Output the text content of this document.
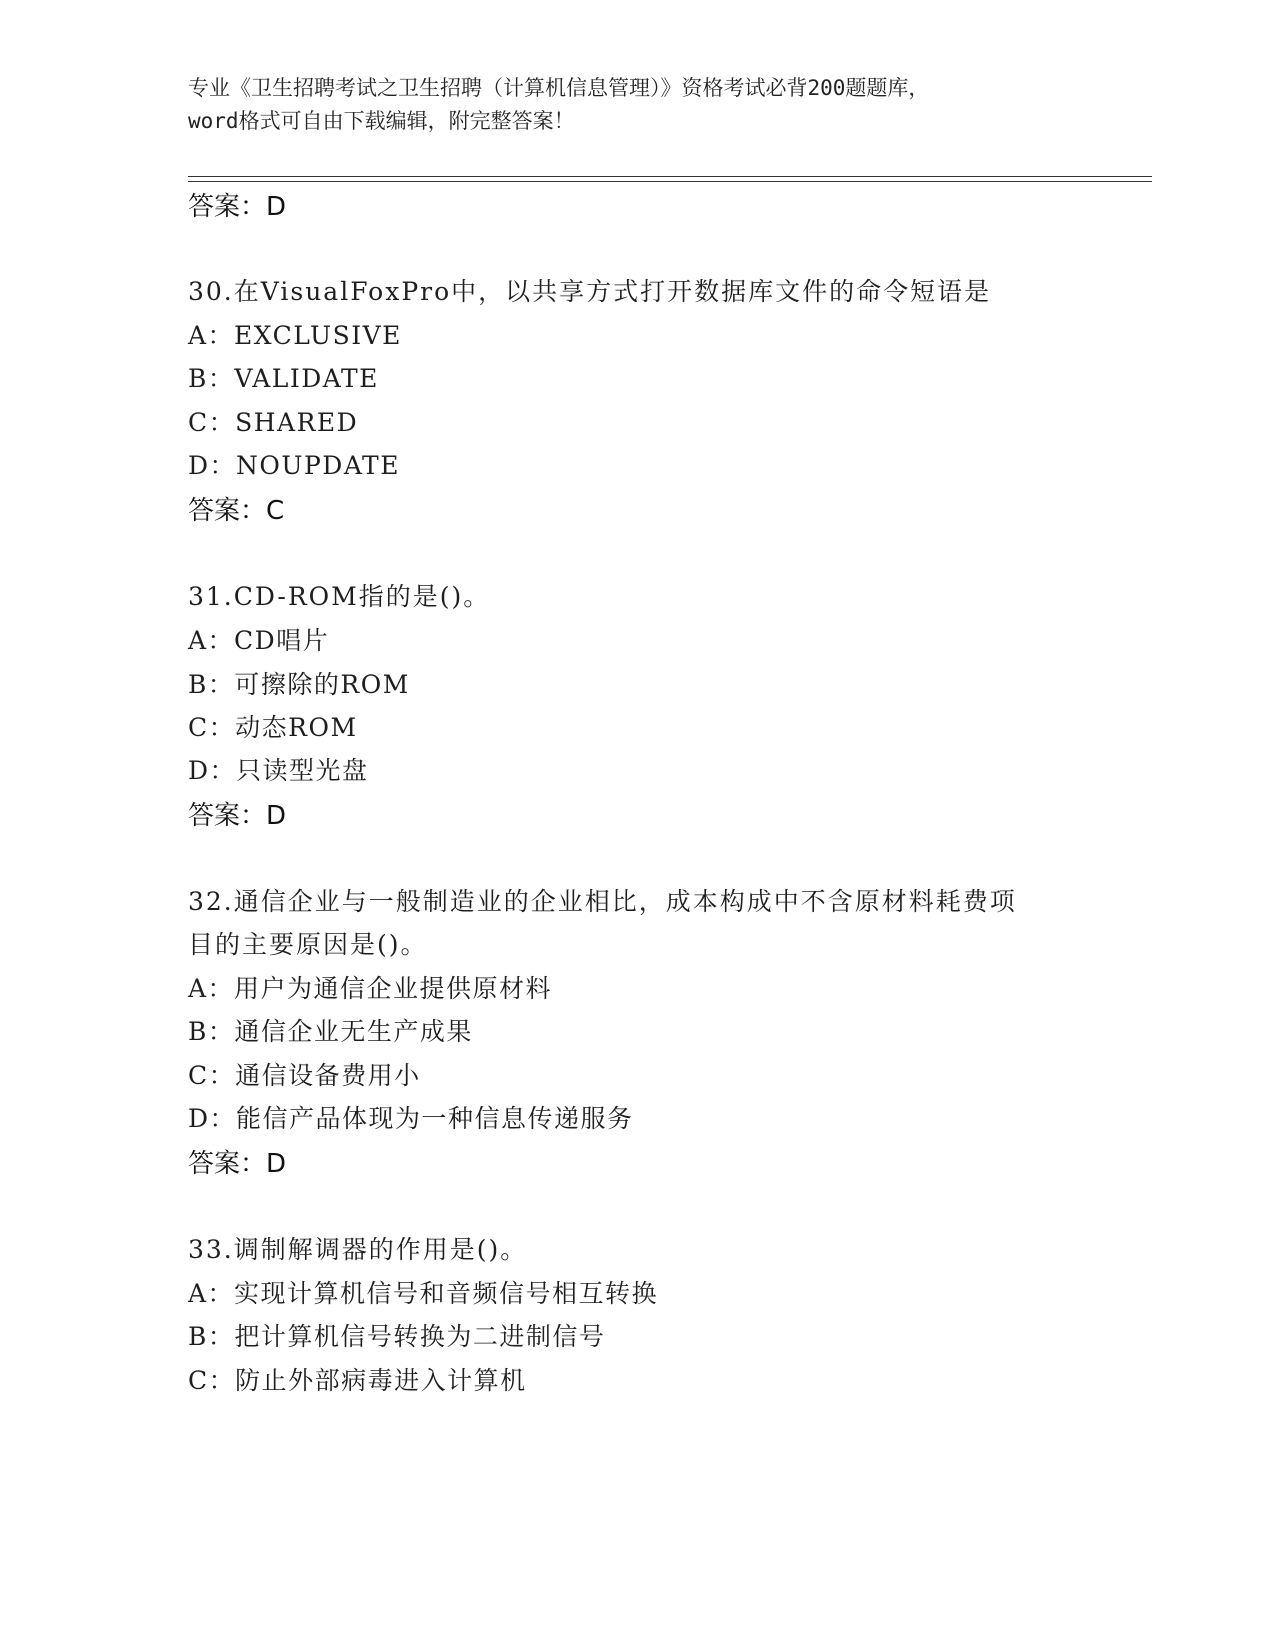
专业《卫生招聘考试之卫生招聘（计算机信息管理）》资格考试必背200题题库，
word格式可自由下载编辑，附完整答案！
答案：D
30.在VisualFoxPro中，以共享方式打开数据库文件的命令短语是
A：EXCLUSIVE
B：VALIDATE
C：SHARED
D：NOUPDATE
答案：C
31.CD-ROM指的是()。
A：CD唱片
B：可擦除的ROM
C：动态ROM
D：只读型光盘
答案：D
32.通信企业与一般制造业的企业相比，成本构成中不含原材料耗费项
目的主要原因是()。
A：用户为通信企业提供原材料
B：通信企业无生产成果
C：通信设备费用小
D：能信产品体现为一种信息传递服务
答案：D
33.调制解调器的作用是()。
A：实现计算机信号和音频信号相互转换
B：把计算机信号转换为二进制信号
C：防止外部病毒进入计算机
